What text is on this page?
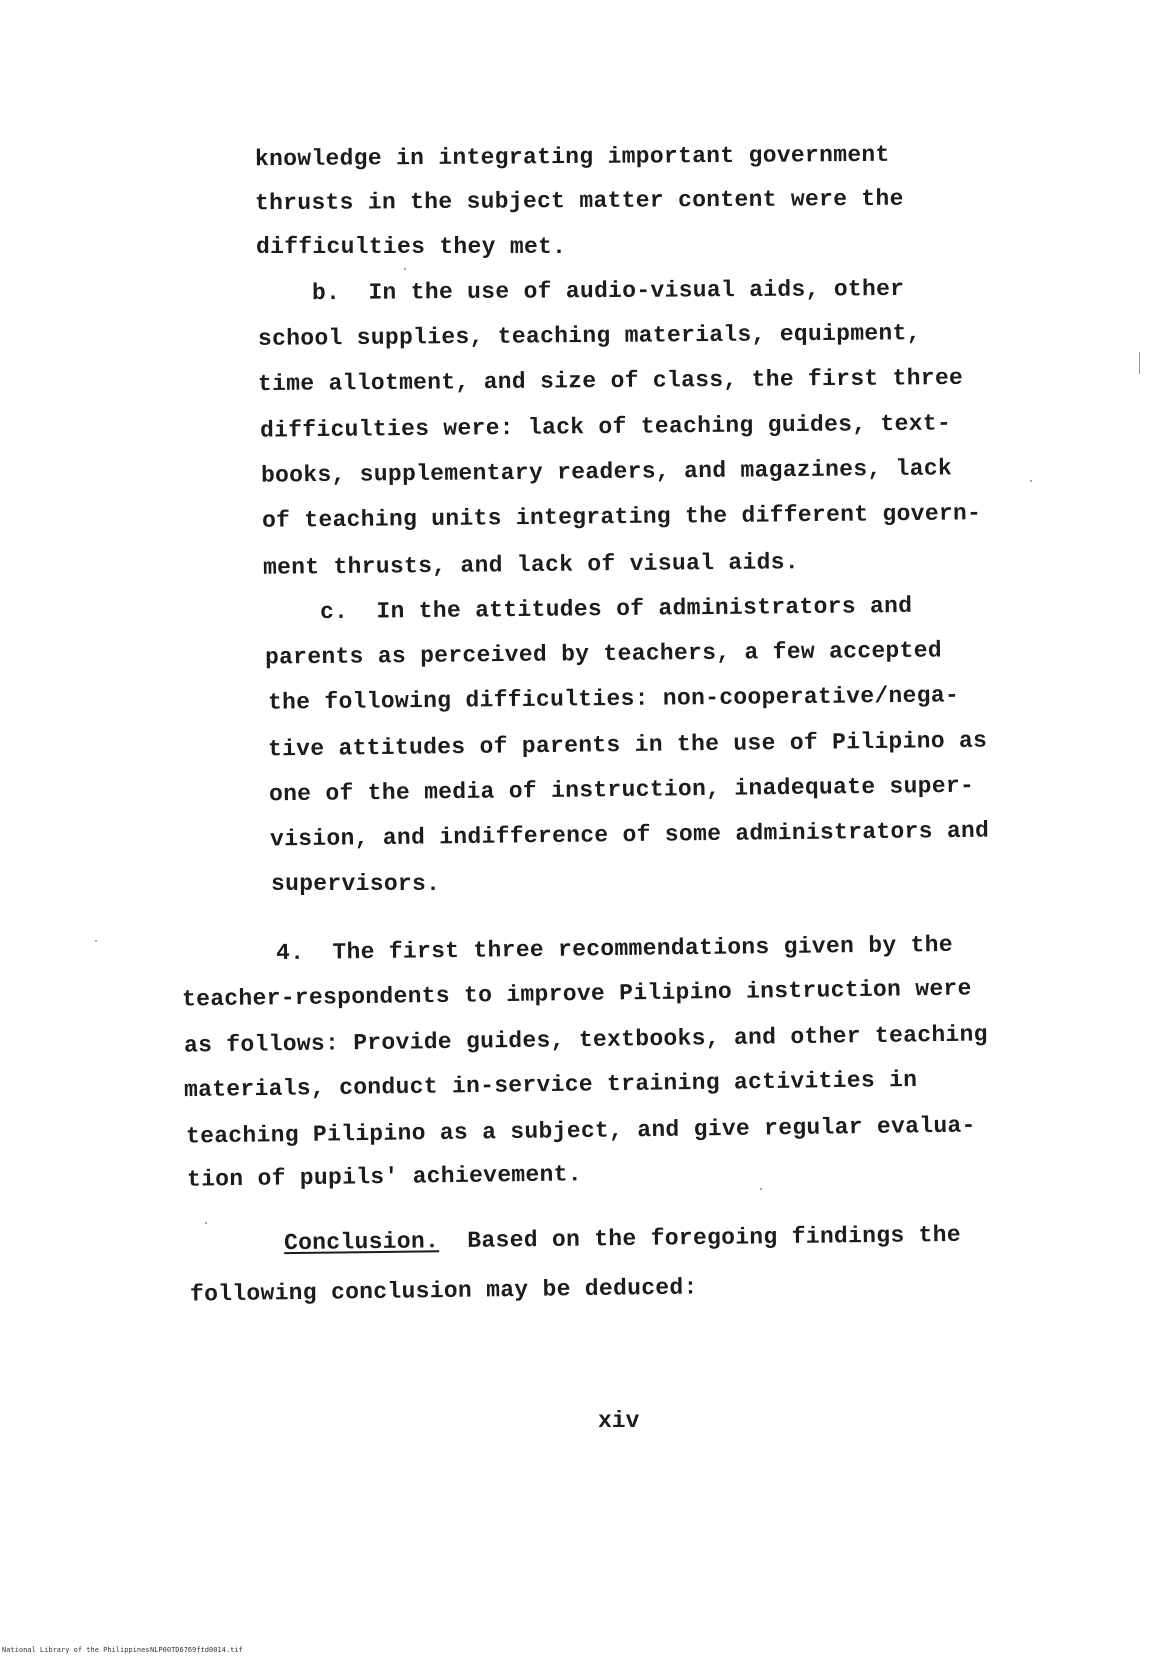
knowledge in integrating important government
thrusts in the subject matter content were the
difficulties they met.
b.  In the use of audio-visual aids, other
school supplies, teaching materials, equipment,
time allotment, and size of class, the first three
difficulties were: lack of teaching guides, text-
books, supplementary readers, and magazines, lack
of teaching units integrating the different govern-
ment thrusts, and lack of visual aids.
c.  In the attitudes of administrators and
parents as perceived by teachers, a few accepted
the following difficulties: non-cooperative/nega-
tive attitudes of parents in the use of Pilipino as
one of the media of instruction, inadequate super-
vision, and indifference of some administrators and
supervisors.
4.  The first three recommendations given by the
teacher-respondents to improve Pilipino instruction were
as follows: Provide guides, textbooks, and other teaching
materials, conduct in-service training activities in
teaching Pilipino as a subject, and give regular evalua-
tion of pupils' achievement.
Conclusion.  Based on the foregoing findings the
following conclusion may be deduced:
xiv
National Library of the Philippines NLP00TD6769ftd0014.tif
